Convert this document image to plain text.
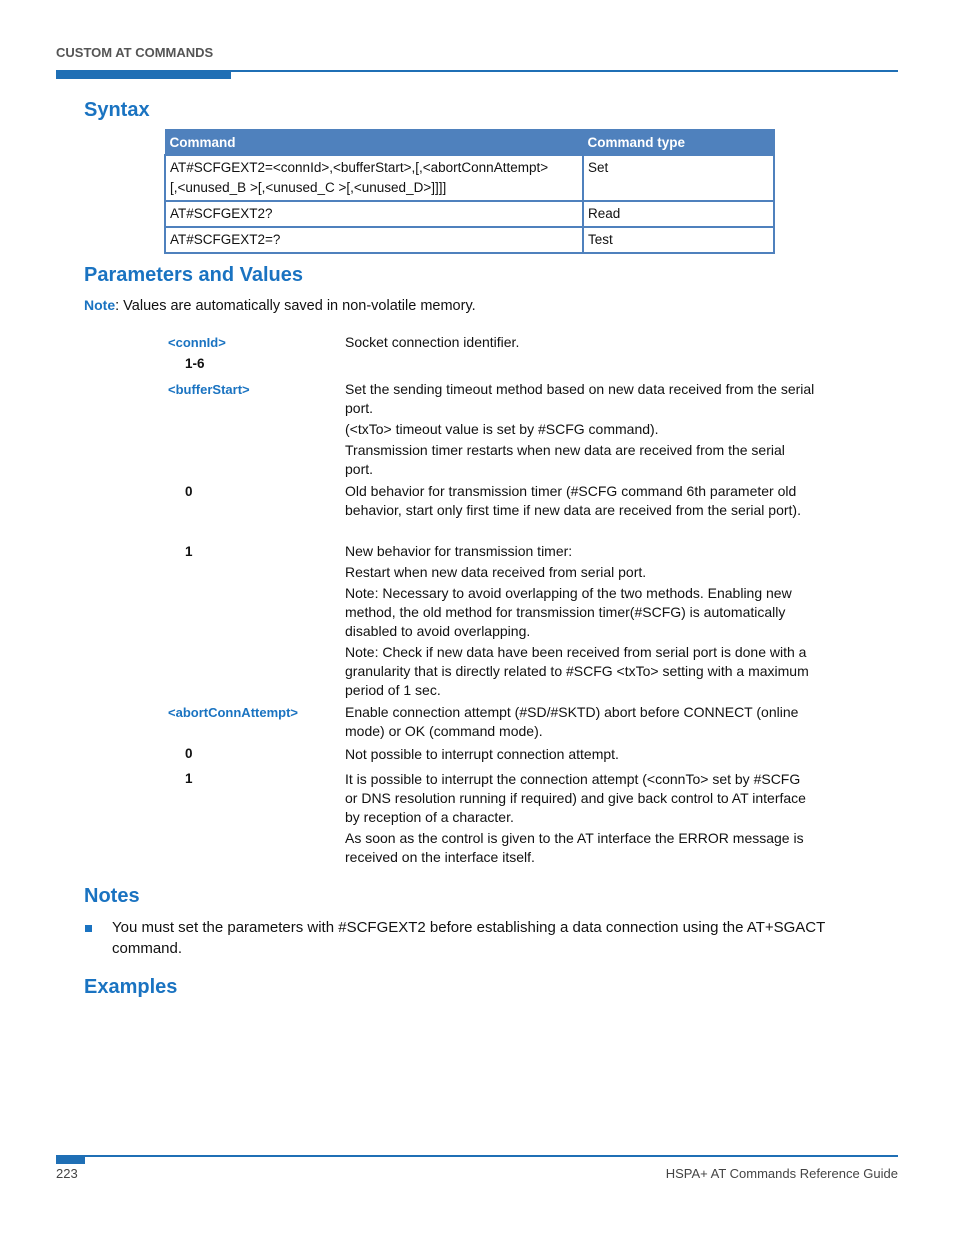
CUSTOM AT COMMANDS
Syntax
Command	Command type

AT#SCFGEXT2=<connId>,<bufferStart>,[,<abortConnAttempt>
[,<unused_B >[,<unused_C >[,<unused_D>]]]]	Set
AT#SCFGEXT2?	Read
AT#SCFGEXT2=?	Test
Parameters and Values
Note: Values are automatically saved in non-volatile memory.
<connId>	Socket connection identifier.
1-6
<bufferStart>	Set the sending timeout method based on new data received from the serial port.

(<txTo> timeout value is set by #SCFG command).

Transmission timer restarts when new data are received from the serial port.

0	Old behavior for transmission timer (#SCFG command 6th parameter old behavior, start only first time if new data are received from the serial port).
1	New behavior for transmission timer:

Restart when new data received from serial port.

Note: Necessary to avoid overlapping of the two methods. Enabling new method, the old method for transmission timer(#SCFG) is automatically disabled to avoid overlapping.

Note: Check if new data have been received from serial port is done with a granularity that is directly related to #SCFG <txTo> setting with a maximum period of 1 sec.

<abortConnAttempt>	Enable connection attempt (#SD/#SKTD) abort before CONNECT (online mode) or OK (command mode).
0	Not possible to interrupt connection attempt.
1	It is possible to interrupt the connection attempt (<connTo> set by #SCFG or DNS resolution running if required) and give back control to AT interface by reception of a character.

As soon as the control is given to the AT interface the ERROR message is received on the interface itself.

Notes
You must set the parameters with #SCFGEXT2 before establishing a data connection using the AT+SGACT command.
Examples
223	HSPA+ AT Commands Reference Guide
